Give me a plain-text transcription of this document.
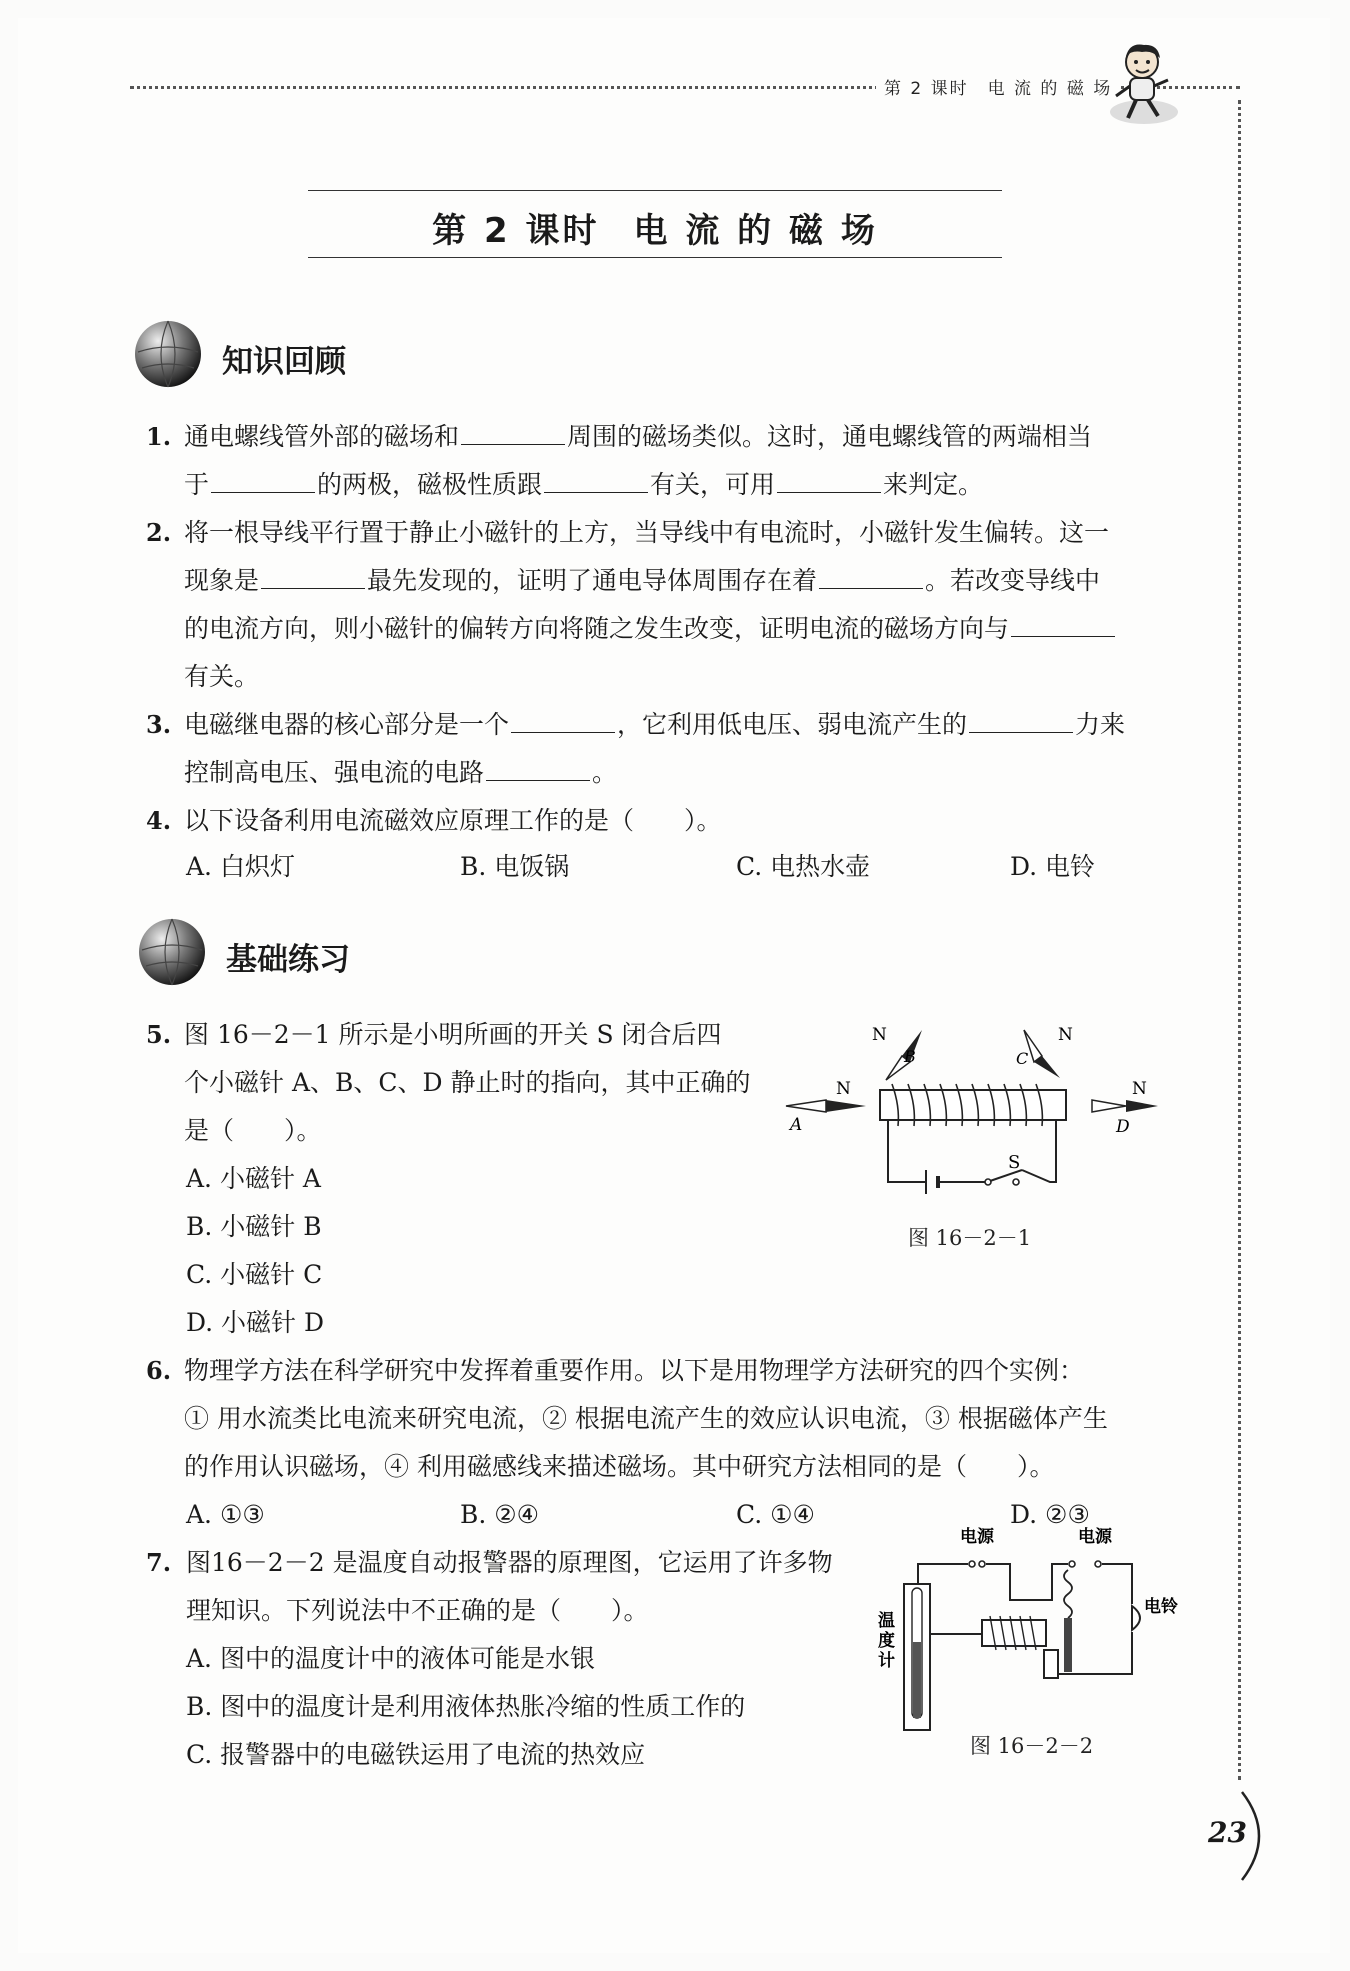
第 2 课时　电 流 的 磁 场
第 2 课时 电 流 的 磁 场
知识回顾
1. 通电螺线管外部的磁场和	周围的磁场类似。这时，通电螺线管的两端相当
于	的两极，磁极性质跟	有关，可用	来判定。
2. 将一根导线平行置于静止小磁针的上方，当导线中有电流时，小磁针发生偏转。这一
现象是	最先发现的，证明了通电导体周围存在着	。若改变导线中
的电流方向，则小磁针的偏转方向将随之发生改变，证明电流的磁场方向与
有关。
3. 电磁继电器的核心部分是一个	，它利用低电压、弱电流产生的	力来
控制高电压、强电流的电路	。
4. 以下设备利用电流磁效应原理工作的是（　　）。
A. 白炽灯	B. 电饭锅	C. 电热水壶	D. 电铃
基础练习
5. 图 16－2－1 所示是小明所画的开关 S 闭合后四
个小磁针 A、B、C、D 静止时的指向，其中正确的
是（　　）。
A. 小磁针 A
B. 小磁针 B
C. 小磁针 C
D. 小磁针 D
S
N
A
N
B
N
C
N
D
图 16－2－1
6. 物理学方法在科学研究中发挥着重要作用。以下是用物理学方法研究的四个实例：
① 用水流类比电流来研究电流，② 根据电流产生的效应认识电流，③ 根据磁体产生
的作用认识磁场，④ 利用磁感线来描述磁场。其中研究方法相同的是（　　）。
A. ①③	B. ②④	C. ①④	D. ②③
7. 图16－2－2 是温度自动报警器的原理图，它运用了许多物
理知识。下列说法中不正确的是（　　）。
A. 图中的温度计中的液体可能是水银
B. 图中的温度计是利用液体热胀冷缩的性质工作的
C. 报警器中的电磁铁运用了电流的热效应
电源	电源
电铃
温
度
计
图 16－2－2
23
